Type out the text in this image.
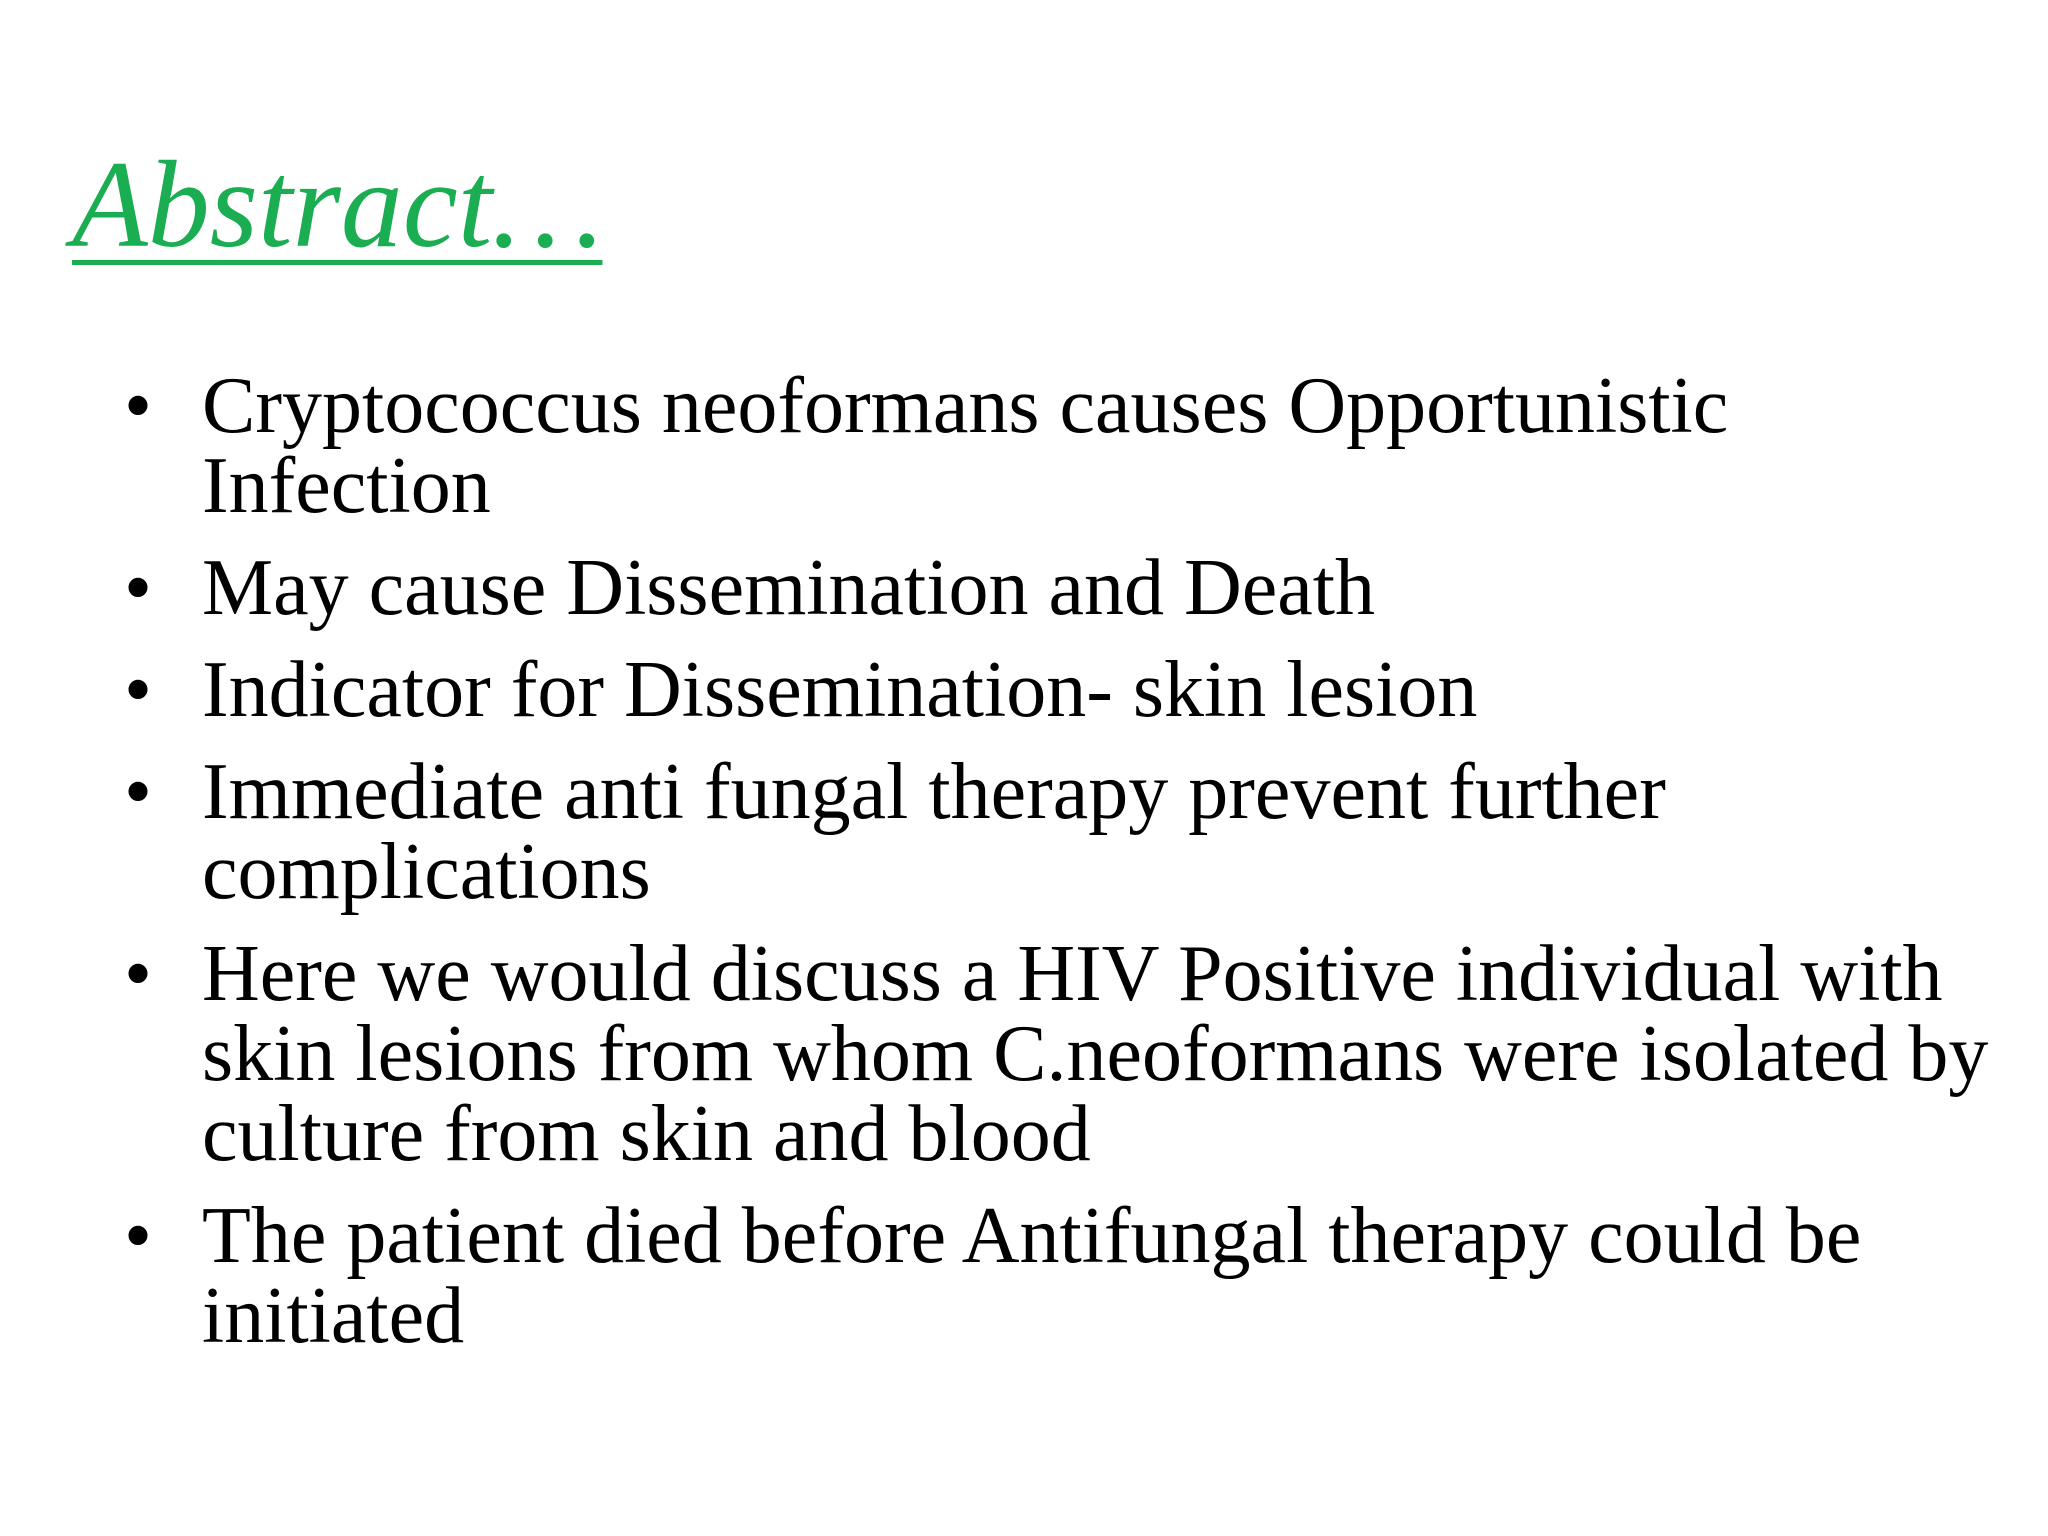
Abstract…
• Cryptococcus neoformans causes Opportunistic Infection
• May cause Dissemination and Death
• Indicator for Dissemination- skin lesion
• Immediate anti fungal therapy prevent further complications
• Here we would discuss a HIV Positive individual with skin lesions from whom C.neoformans were isolated by culture from skin and blood
• The patient died before Antifungal therapy could be initiated
